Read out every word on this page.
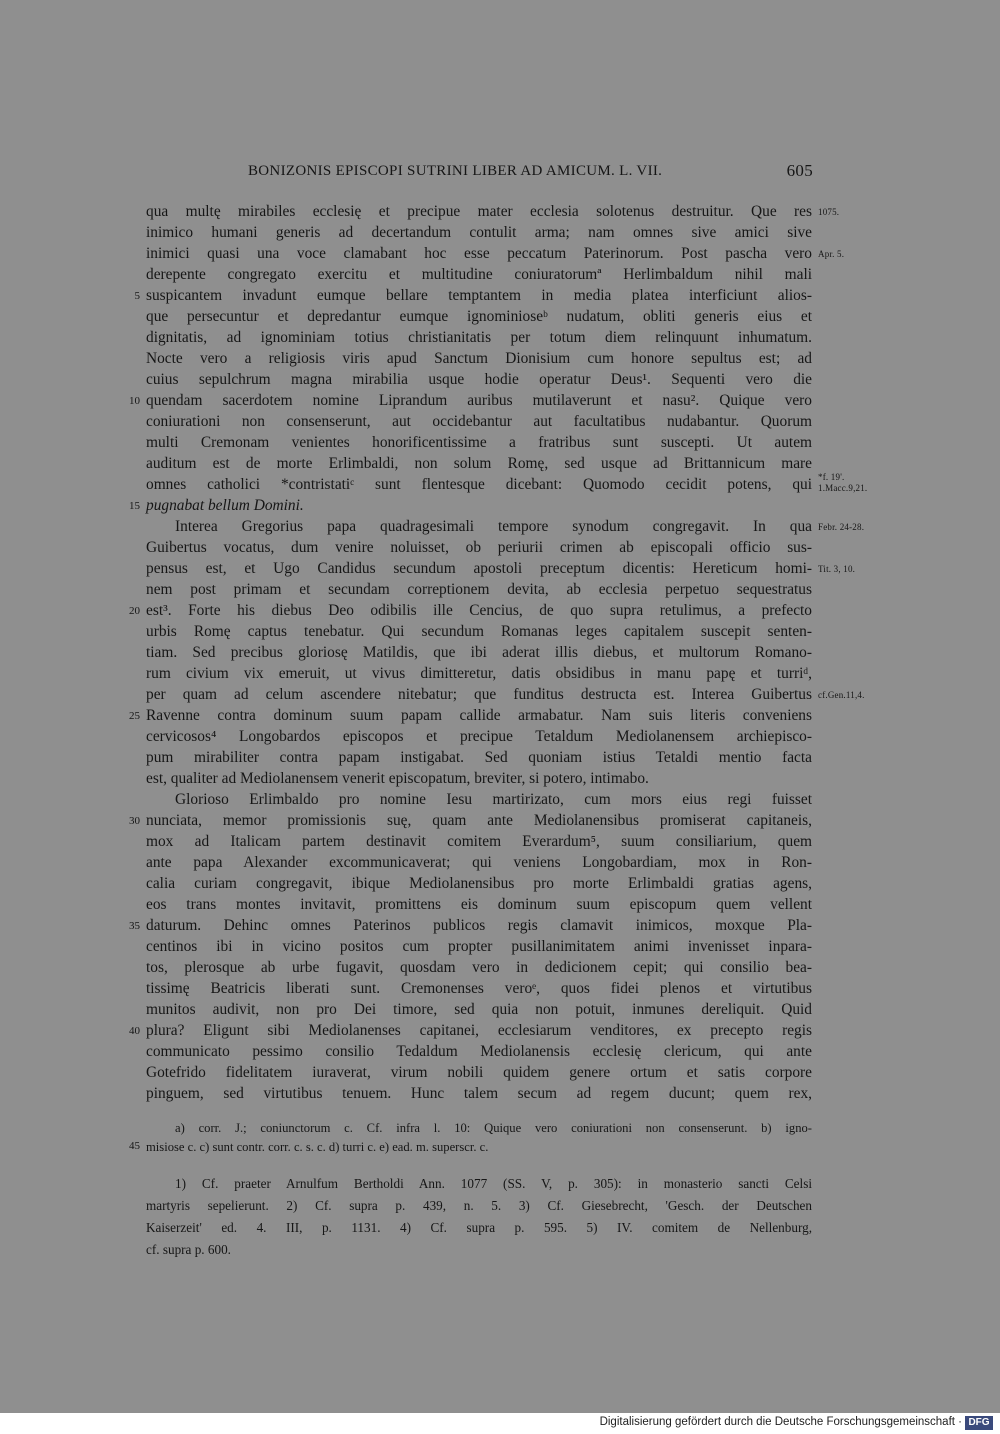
BONIZONIS EPISCOPI SUTRINI LIBER AD AMICUM. L. VII.	605
qua multę mirabiles ecclesię et precipue mater ecclesia solotenus destruitur. Que res
inimico humani generis ad decertandum contulit arma; nam omnes sive amici sive
inimici quasi una voce clamabant hoc esse peccatum Paterinorum. Post pascha vero
derepente congregato exercitu et multitudine coniuratorumª Herlimbaldum nihil mali
suspicantem invadunt eumque bellare temptantem in media platea interficiunt alios-
que persecuntur et depredantur eumque ignominioseᵇ nudatum, obliti generis eius et
dignitatis, ad ignominiam totius christianitatis per totum diem relinquunt inhumatum.
Nocte vero a religiosis viris apud Sanctum Dionisium cum honore sepultus est; ad
cuius sepulchrum magna mirabilia usque hodie operatur Deus¹. Sequenti vero die
quendam sacerdotem nomine Liprandum auribus mutilaverunt et nasu². Quique vero
coniurationi non consenserunt, aut occidebantur aut facultatibus nudabantur. Quorum
multi Cremonam venientes honorificentissime a fratribus sunt suscepti. Ut autem
auditum est de morte Erlimbaldi, non solum Romę, sed usque ad Brittannicum mare
omnes catholici *contristatiᶜ sunt flentesque dicebant: Quomodo cecidit potens, qui
pugnabat bellum Domini.
Interea Gregorius papa quadragesimali tempore synodum congregavit. In qua
Guibertus vocatus, dum venire noluisset, ob periurii crimen ab episcopali officio sus-
pensus est, et Ugo Candidus secundum apostoli preceptum dicentis: Hereticum homi-
nem post primam et secundam correptionem devita, ab ecclesia perpetuo sequestratus
est³. Forte his diebus Deo odibilis ille Cencius, de quo supra retulimus, a prefecto
urbis Romę captus tenebatur. Qui secundum Romanas leges capitalem suscepit senten-
tiam. Sed precibus gloriosę Matildis, que ibi aderat illis diebus, et multorum Romano-
rum civium vix emeruit, ut vivus dimitteretur, datis obsidibus in manu papę et turriᵈ,
per quam ad celum ascendere nitebatur; que funditus destructa est. Interea Guibertus
Ravenne contra dominum suum papam callide armabatur. Nam suis literis conveniens
cervicosos⁴ Longobardos episcopos et precipue Tetaldum Mediolanensem archiepisco-
pum mirabiliter contra papam instigabat. Sed quoniam istius Tetaldi mentio facta
est, qualiter ad Mediolanensem venerit episcopatum, breviter, si potero, intimabo.
Glorioso Erlimbaldo pro nomine Iesu martirizato, cum mors eius regi fuisset
nunciata, memor promissionis suę, quam ante Mediolanensibus promiserat capitaneis,
mox ad Italicam partem destinavit comitem Everardum⁵, suum consiliarium, quem
ante papa Alexander excommunicaverat; qui veniens Longobardiam, mox in Ron-
calia curiam congregavit, ibique Mediolanensibus pro morte Erlimbaldi gratias agens,
eos trans montes invitavit, promittens eis dominum suum episcopum quem vellent
daturum. Dehinc omnes Paterinos publicos regis clamavit inimicos, moxque Pla-
centinos ibi in vicino positos cum propter pusillanimitatem animi invenisset inpara-
tos, plerosque ab urbe fugavit, quosdam vero in dedicionem cepit; qui consilio bea-
tissimę Beatricis liberati sunt. Cremonenses veroᵉ, quos fidei plenos et virtutibus
munitos audivit, non pro Dei timore, sed quia non potuit, inmunes dereliquit. Quid
plura? Eligunt sibi Mediolanenses capitanei, ecclesiarum venditores, ex precepto regis
communicato pessimo consilio Tedaldum Mediolanensis ecclesię clericum, qui ante
Gotefrido fidelitatem iuraverat, virum nobili quidem genere ortum et satis corpore
pinguem, sed virtutibus tenuem. Hunc talem secum ad regem ducunt; quem rex,
5
10
15
20
25
30
35
40
45
1075.
Apr. 5.
*f. 19'.
1.Macc.9,21.
Febr. 24-28.
Tit. 3, 10.
cf.Gen.11,4.
a) corr. J.; coniunctorum c. Cf. infra l. 10: Quique vero coniurationi non consenserunt. b) igno-
misiose c. c) sunt contr. corr. c. s. c. d) turri c. e) ead. m. superscr. c.
1) Cf. praeter Arnulfum Bertholdi Ann. 1077 (SS. V, p. 305): in monasterio sancti Celsi
martyris sepelierunt. 2) Cf. supra p. 439, n. 5. 3) Cf. Giesebrecht, 'Gesch. der Deutschen
Kaiserzeit' ed. 4. III, p. 1131. 4) Cf. supra p. 595. 5) IV. comitem de Nellenburg,
cf. supra p. 600.
Digitalisierung gefördert durch die Deutsche Forschungsgemeinschaft · DFG
